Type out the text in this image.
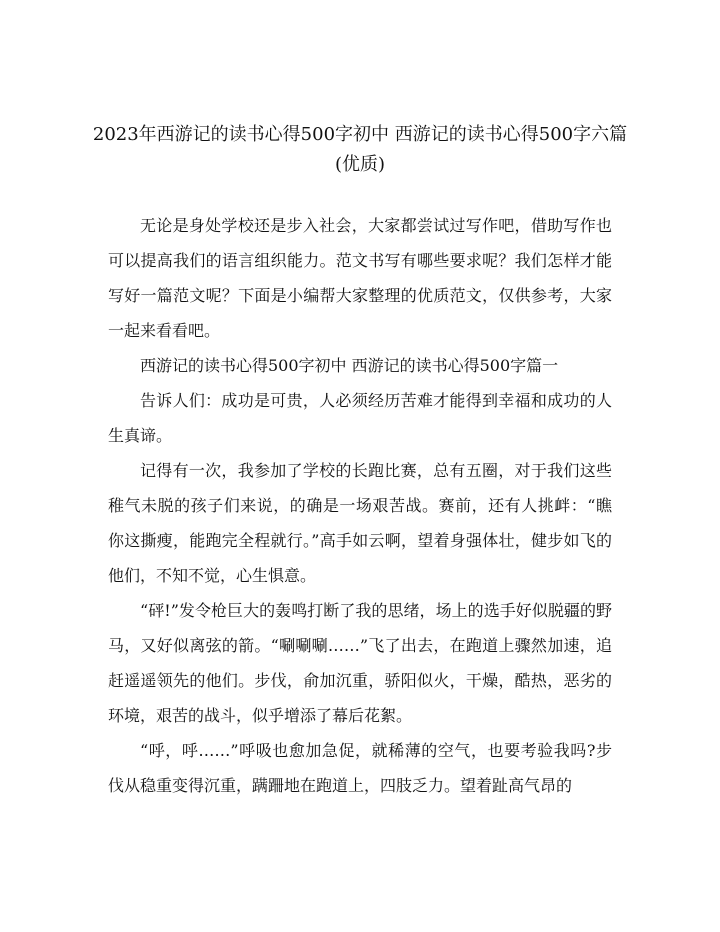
2023年西游记的读书心得500字初中 西游记的读书心得500字六篇(优质)

无论是身处学校还是步入社会，大家都尝试过写作吧，借助写作也可以提高我们的语言组织能力。范文书写有哪些要求呢？我们怎样才能写好一篇范文呢？下面是小编帮大家整理的优质范文，仅供参考，大家一起来看看吧。

西游记的读书心得500字初中 西游记的读书心得500字篇一

告诉人们：成功是可贵，人必须经历苦难才能得到幸福和成功的人生真谛。

记得有一次，我参加了学校的长跑比赛，总有五圈，对于我们这些稚气未脱的孩子们来说，的确是一场艰苦战。赛前，还有人挑衅：“瞧你这撕瘦，能跑完全程就行。”高手如云啊，望着身强体壮，健步如飞的他们，不知不觉，心生惧意。

“砰!”发令枪巨大的轰鸣打断了我的思绪，场上的选手好似脱疆的野马，又好似离弦的箭。“唰唰唰……”飞了出去，在跑道上骤然加速，追赶遥遥领先的他们。步伐，俞加沉重，骄阳似火，干燥，酷热，恶劣的环境，艰苦的战斗，似乎增添了幕后花絮。

“呼，呼……”呼吸也愈加急促，就稀薄的空气，也要考验我吗?步伐从稳重变得沉重，蹒跚地在跑道上，四肢乏力。望着趾高气昂的
